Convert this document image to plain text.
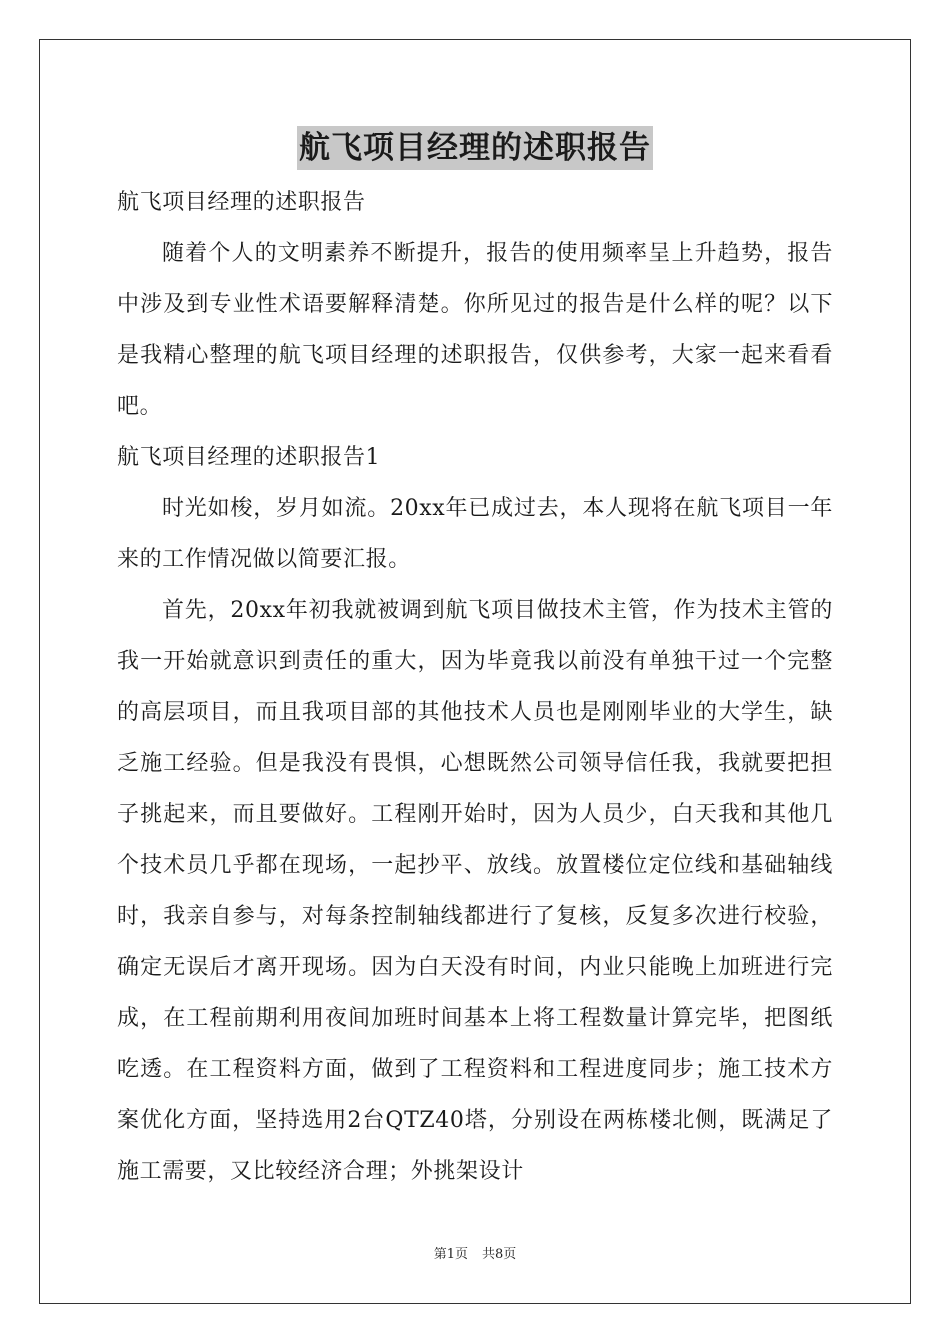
航飞项目经理的述职报告

航飞项目经理的述职报告

随着个人的文明素养不断提升，报告的使用频率呈上升趋势，报告中涉及到专业性术语要解释清楚。你所见过的报告是什么样的呢？以下是我精心整理的航飞项目经理的述职报告，仅供参考，大家一起来看看吧。

航飞项目经理的述职报告1

时光如梭，岁月如流。20xx年已成过去，本人现将在航飞项目一年来的工作情况做以简要汇报。

首先，20xx年初我就被调到航飞项目做技术主管，作为技术主管的我一开始就意识到责任的重大，因为毕竟我以前没有单独干过一个完整的高层项目，而且我项目部的其他技术人员也是刚刚毕业的大学生，缺乏施工经验。但是我没有畏惧，心想既然公司领导信任我，我就要把担子挑起来，而且要做好。工程刚开始时，因为人员少，白天我和其他几个技术员几乎都在现场，一起抄平、放线。放置楼位定位线和基础轴线时，我亲自参与，对每条控制轴线都进行了复核，反复多次进行校验，确定无误后才离开现场。因为白天没有时间，内业只能晚上加班进行完成，在工程前期利用夜间加班时间基本上将工程数量计算完毕，把图纸吃透。在工程资料方面，做到了工程资料和工程进度同步；施工技术方案优化方面，坚持选用2台QTZ40塔，分别设在两栋楼北侧，既满足了施工需要，又比较经济合理；外挑架设计

第1页 共8页
